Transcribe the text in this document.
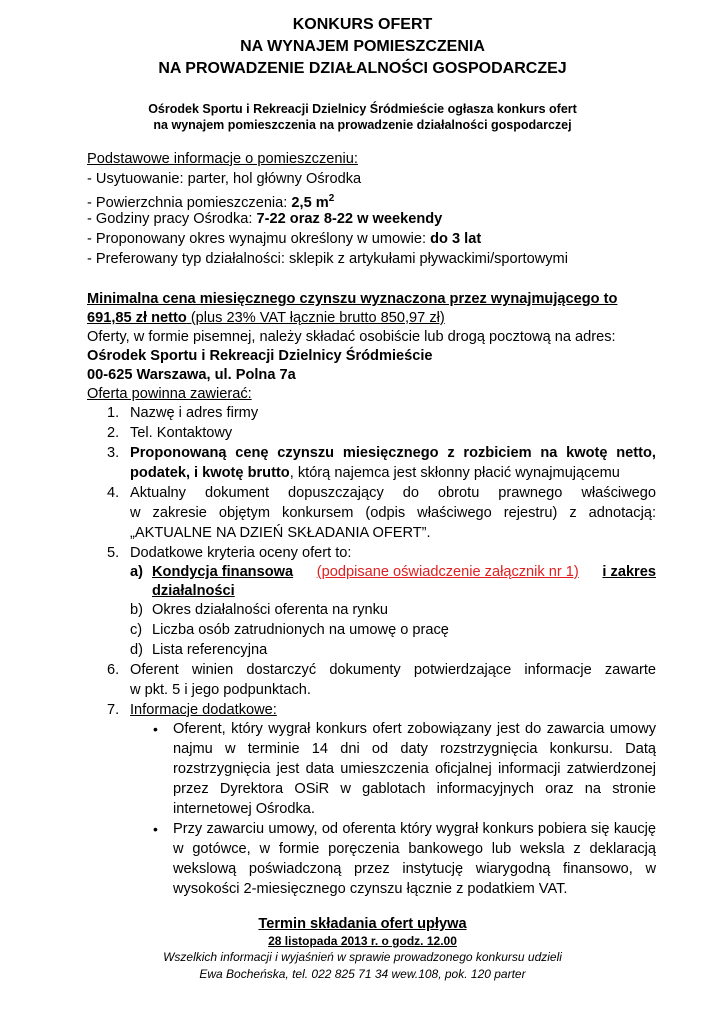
KONKURS OFERT
NA WYNAJEM POMIESZCZENIA
NA PROWADZENIE DZIAŁALNOŚCI GOSPODARCZEJ
Ośrodek Sportu i Rekreacji Dzielnicy Śródmieście ogłasza konkurs ofert
na wynajem pomieszczenia na prowadzenie działalności gospodarczej
Podstawowe informacje o pomieszczeniu:
- Usytuowanie: parter, hol główny Ośrodka
- Powierzchnia pomieszczenia: 2,5 $m^2$
- Godziny pracy Ośrodka: 7-22 oraz 8-22 w weekendy
- Proponowany okres wynajmu określony w umowie: do 3 lat
- Preferowany typ działalności: sklepik z artykułami pływackimi/sportowymi
Minimalna cena miesięcznego czynszu wyznaczona przez wynajmującego to
691,85 zł netto (plus 23% VAT łącznie brutto 850,97 zł)
Oferty, w formie pisemnej, należy składać osobiście lub drogą pocztową na adres:
Ośrodek Sportu i Rekreacji Dzielnicy Śródmieście
00-625 Warszawa, ul. Polna 7a
Oferta powinna zawierać:
1. Nazwę i adres firmy
2. Tel. Kontaktowy
3. Proponowaną cenę czynszu miesięcznego z rozbiciem na kwotę netto,
podatek, i kwotę brutto, którą najemca jest skłonny płacić wynajmującemu
4. Aktualny dokument dopuszczający do obrotu prawnego właściwego
w zakresie objętym konkursem (odpis właściwego rejestru) z adnotacją:
„AKTUALNE NA DZIEŃ SKŁADANIA OFERT”.
5. Dodatkowe kryteria oceny ofert to:
a) Kondycja finansowa (podpisane oświadczenie załącznik nr 1) i zakres
działalności
b) Okres działalności oferenta na rynku
c) Liczba osób zatrudnionych na umowę o pracę
d) Lista referencyjna
6. Oferent winien dostarczyć dokumenty potwierdzające informacje zawarte
w pkt. 5 i jego podpunktach.
7. Informacje dodatkowe:
• Oferent, który wygrał konkurs ofert zobowiązany jest do zawarcia umowy
najmu w terminie 14 dni od daty rozstrzygnięcia konkursu. Datą
rozstrzygnięcia jest data umieszczenia oficjalnej informacji zatwierdzonej
przez Dyrektora OSiR w gablotach informacyjnych oraz na stronie
internetowej Ośrodka.
• Przy zawarciu umowy, od oferenta który wygrał konkurs pobiera się kaucję
w gotówce, w formie poręczenia bankowego lub weksla z deklaracją
wekslową poświadczoną przez instytucję wiarygodną finansowo, w
wysokości 2-miesięcznego czynszu łącznie z podatkiem VAT.
Termin składania ofert upływa
28 listopada 2013 r. o godz. 12.00
Wszelkich informacji i wyjaśnień w sprawie prowadzonego konkursu udzieli
Ewa Bocheńska, tel. 022 825 71 34 wew.108, pok. 120 parter
